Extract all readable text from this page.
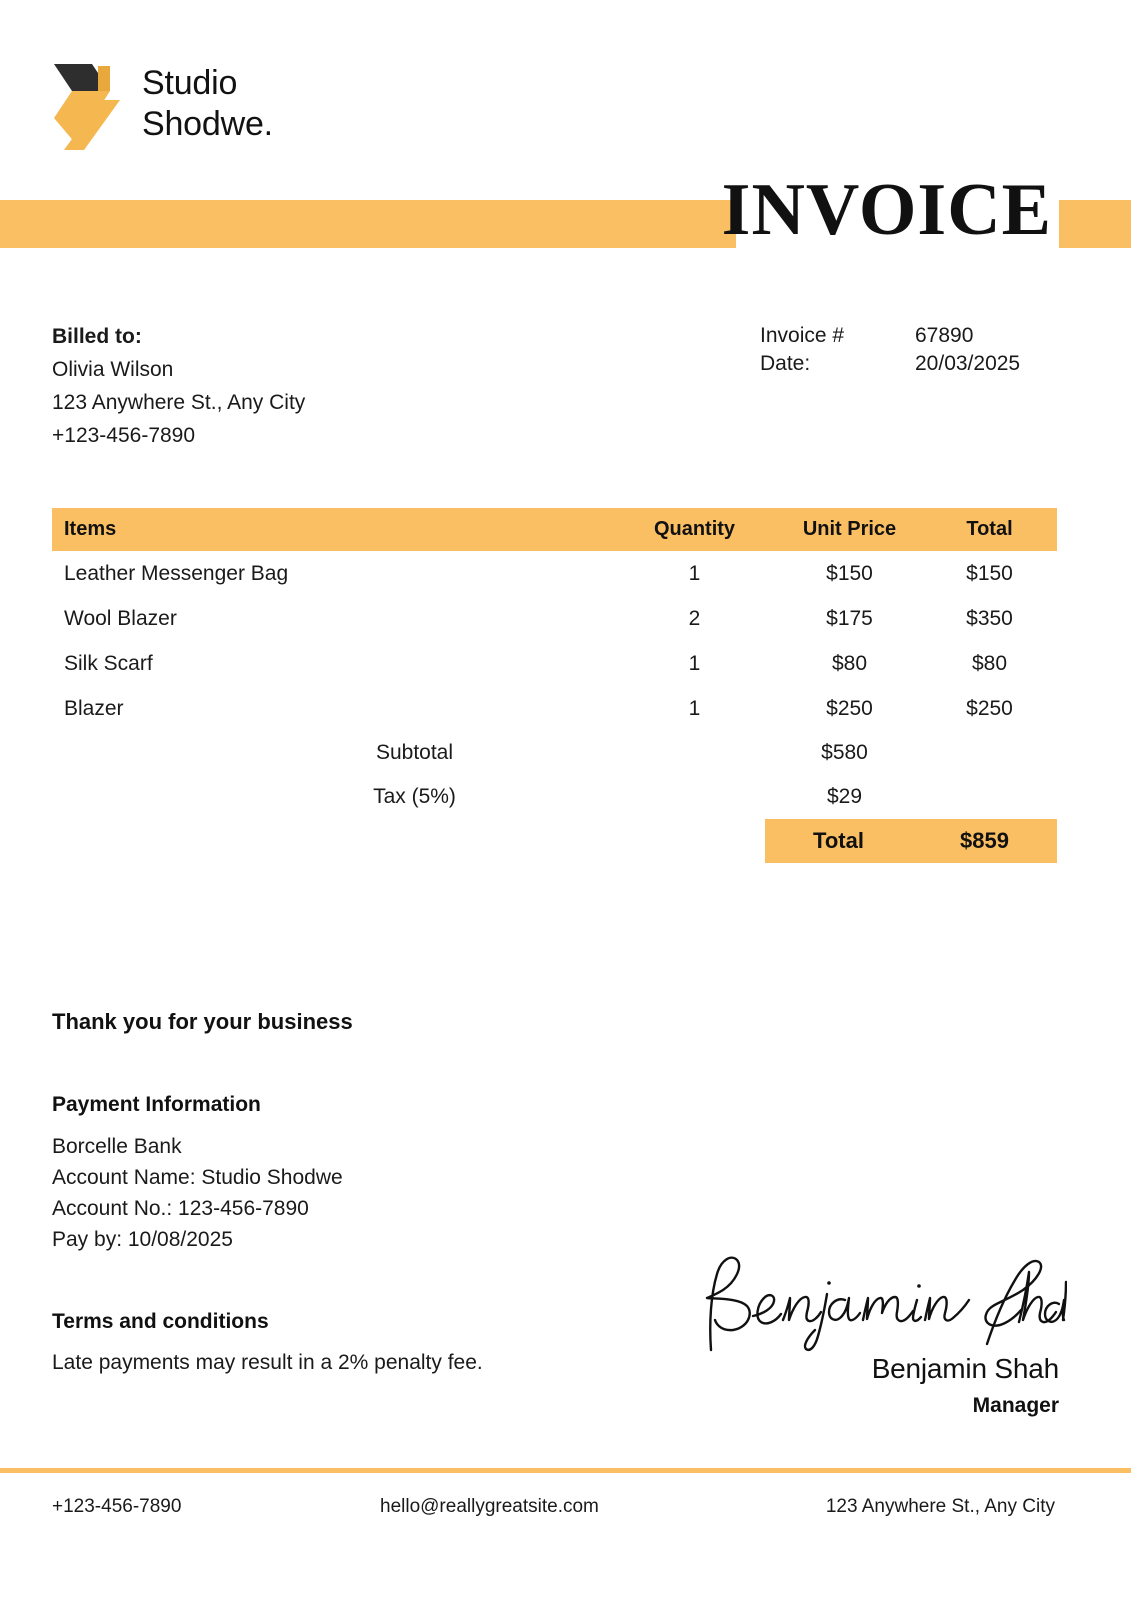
Studio
Shodwe.
INVOICE
Billed to:
Olivia Wilson
123 Anywhere St., Any City
+123-456-7890
Invoice #	67890
Date:	20/03/2025
Items	Quantity	Unit Price	Total
Leather Messenger Bag	1	$150	$150
Wool Blazer	2	$175	$350
Silk Scarf	1	$80	$80
Blazer	1	$250	$250
Subtotal	$580
Tax (5%)	$29
Total	$859
Thank you for your business
Payment Information
Borcelle Bank
Account Name: Studio Shodwe
Account No.: 123-456-7890
Pay by: 10/08/2025
Terms and conditions
Late payments may result in a 2% penalty fee.	Benjamin Shah
Manager
+123-456-7890	hello@reallygreatsite.com	123 Anywhere St., Any City
